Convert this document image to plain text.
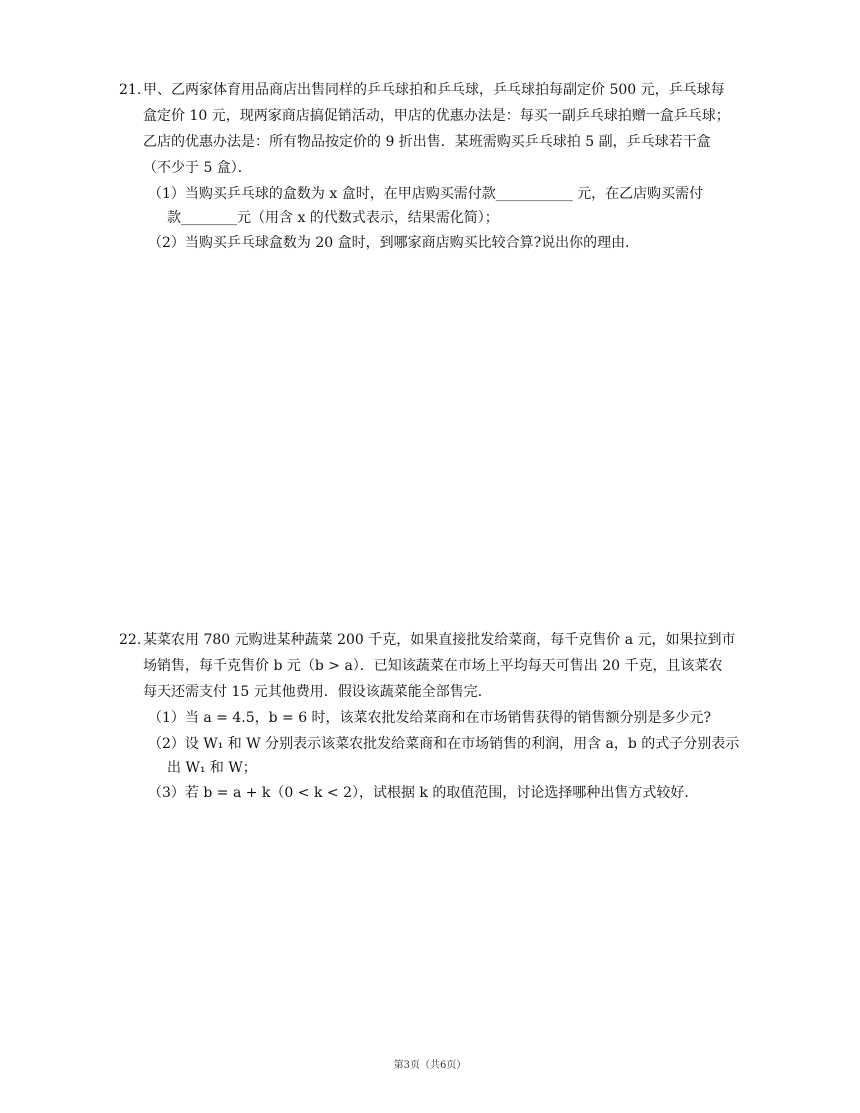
21. 甲、乙两家体育用品商店出售同样的乒乓球拍和乒乓球，乒乓球拍每副定价 500 元，乒乓球每
盒定价 10 元，现两家商店搞促销活动，甲店的优惠办法是：每买一副乒乓球拍赠一盒乒乓球；
乙店的优惠办法是：所有物品按定价的 9 折出售．某班需购买乒乓球拍 5 副，乒乓球若干盒
（不少于 5 盒）．
（1）当购买乒乓球的盒数为 x 盒时，在甲店购买需付款___________ 元，在乙店购买需付
款________元（用含 x 的代数式表示，结果需化简）；
（2）当购买乒乓球盒数为 20 盒时，到哪家商店购买比较合算?说出你的理由．
22. 某菜农用 780 元购进某种蔬菜 200 千克，如果直接批发给菜商，每千克售价 a 元，如果拉到市
场销售，每千克售价 b 元（b > a）．已知该蔬菜在市场上平均每天可售出 20 千克，且该菜农
每天还需支付 15 元其他费用．假设该蔬菜能全部售完．
（1）当 a = 4.5，b = 6 时，该菜农批发给菜商和在市场销售获得的销售额分别是多少元?
（2）设 W₁ 和 W 分别表示该菜农批发给菜商和在市场销售的利润，用含 a，b 的式子分别表示
出 W₁ 和 W；
（3）若 b = a + k（0 < k < 2），试根据 k 的取值范围，讨论选择哪种出售方式较好．
第3页（共6页）
